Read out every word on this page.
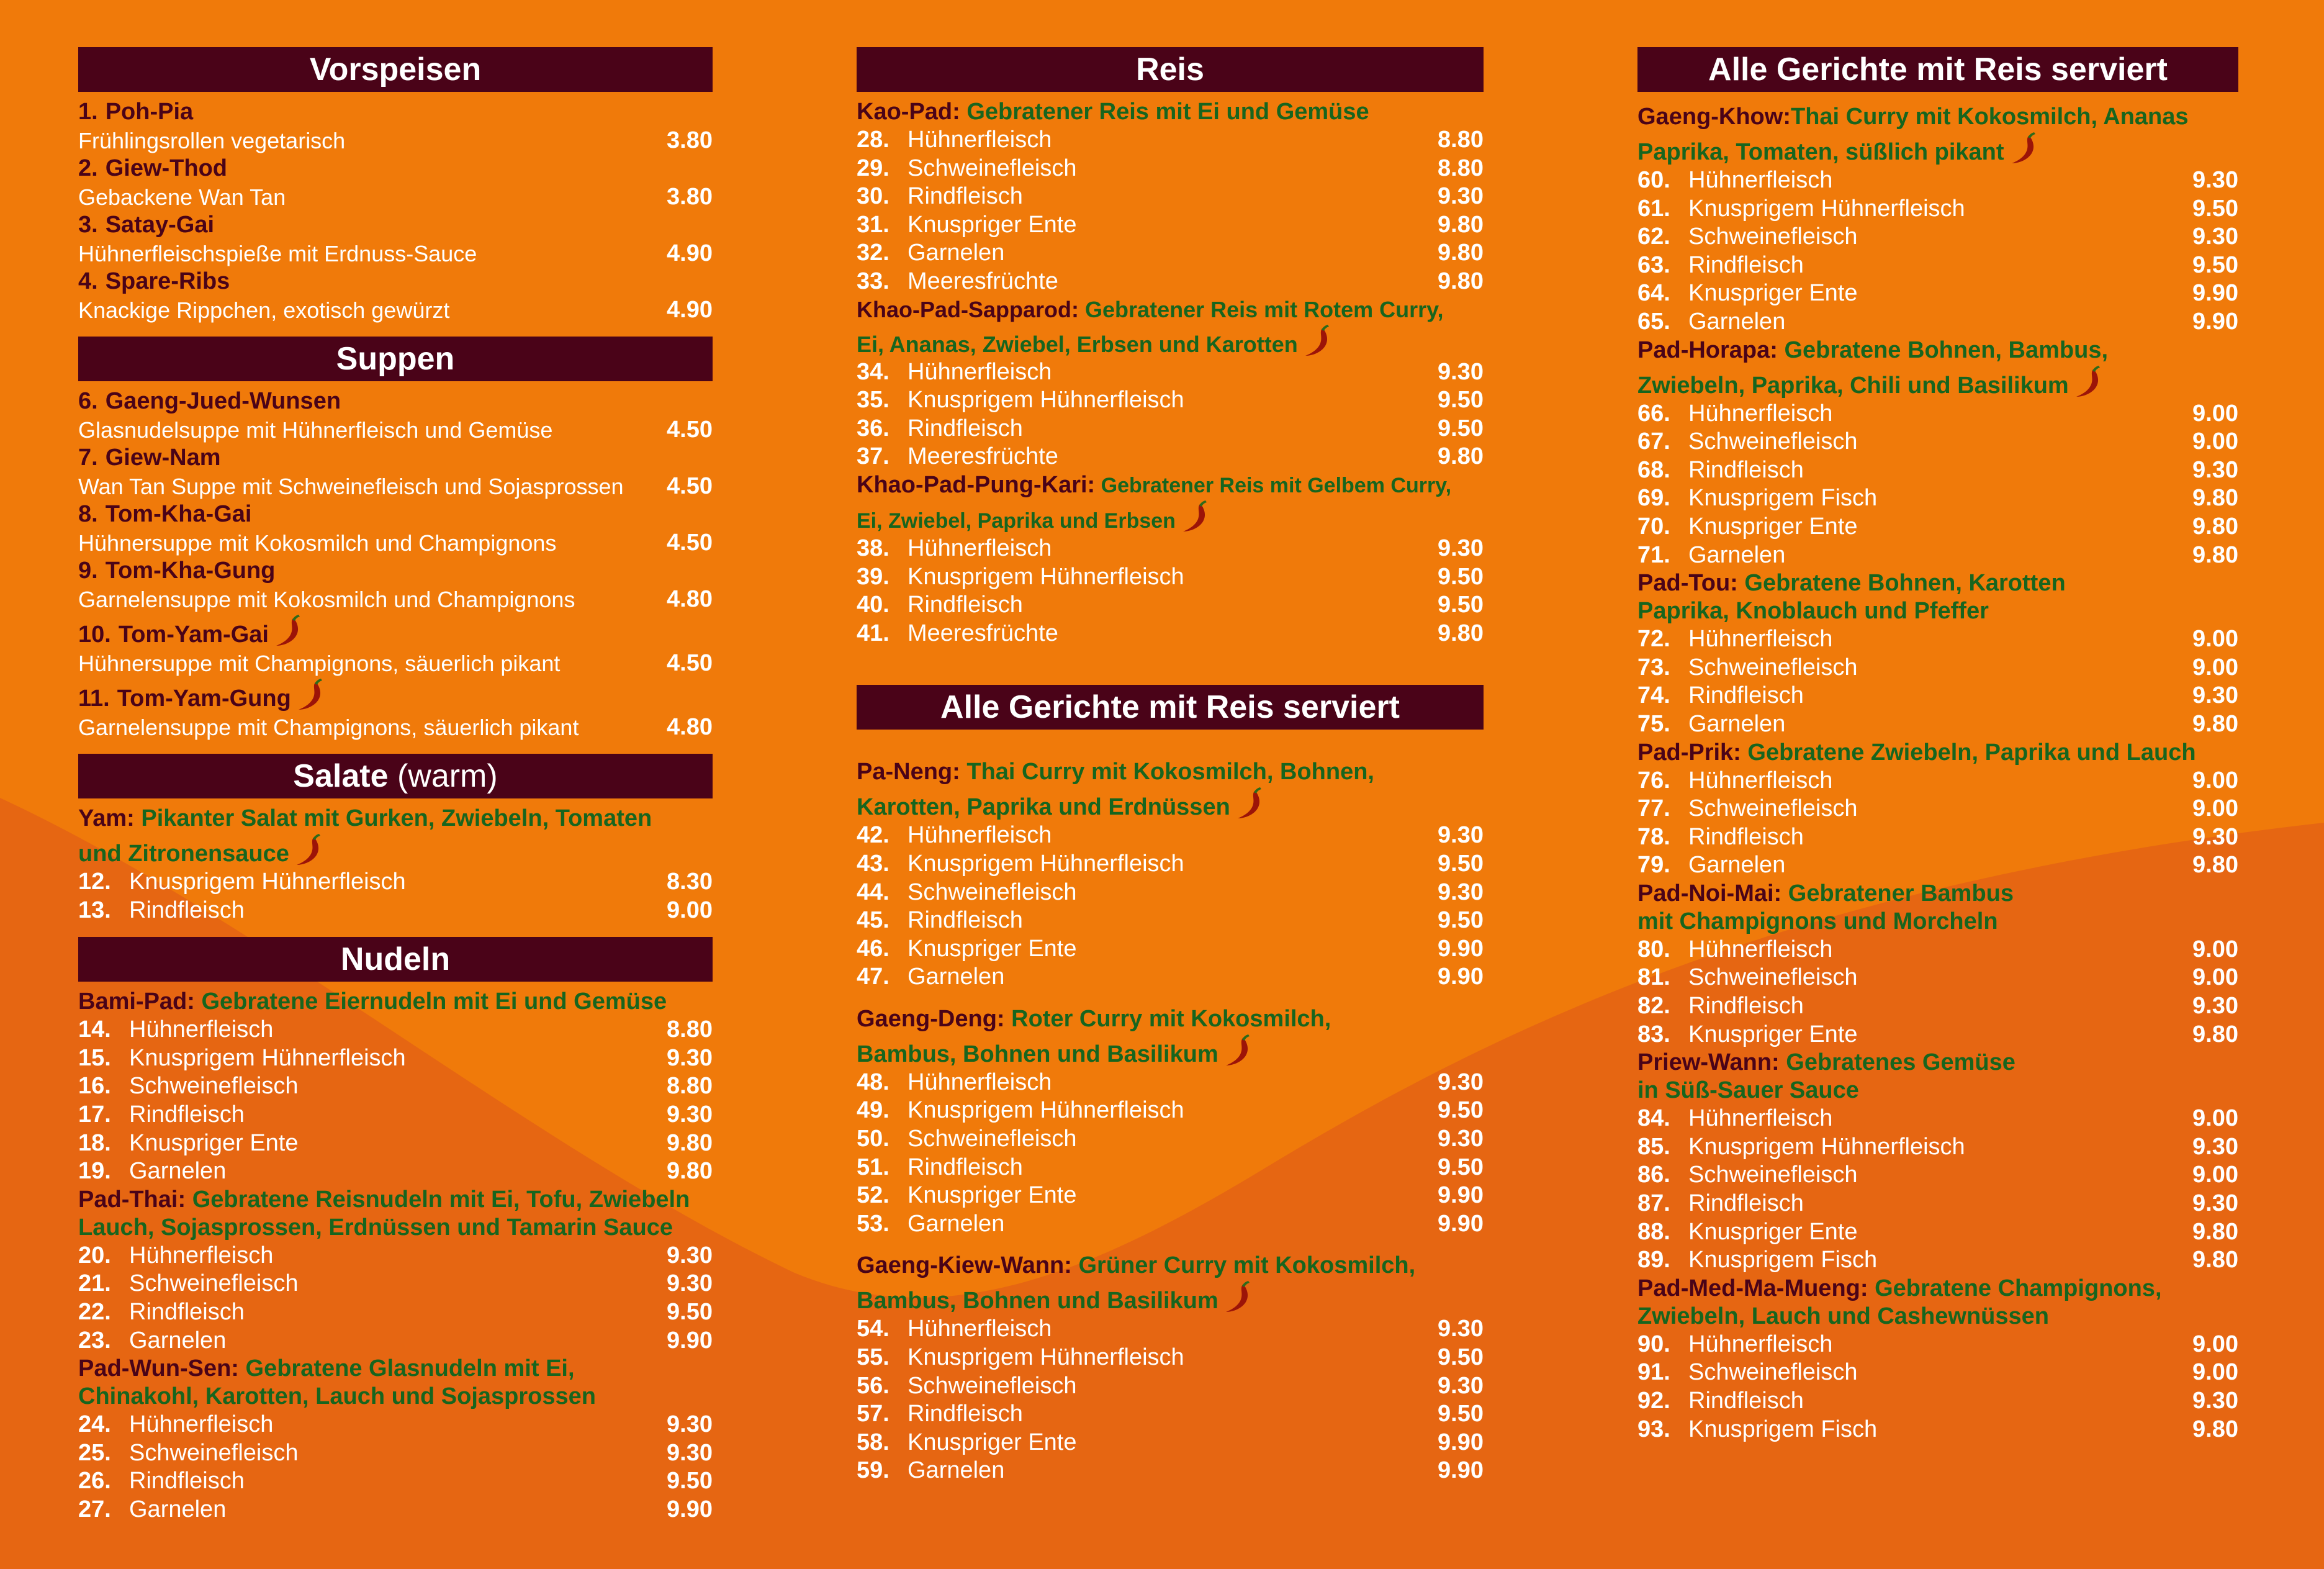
Vorspeisen
1. Poh-Pia
Frühlingsrollen vegetarisch	3.80
2. Giew-Thod
Gebackene Wan Tan	3.80
3. Satay-Gai
Hühnerfleischspieße mit Erdnuss-Sauce	4.90
4. Spare-Ribs
Knackige Rippchen, exotisch gewürzt	4.90
Suppen
6. Gaeng-Jued-Wunsen
Glasnudelsuppe mit Hühnerfleisch und Gemüse	4.50
7. Giew-Nam
Wan Tan Suppe mit Schweinefleisch und Sojasprossen	4.50
8. Tom-Kha-Gai
Hühnersuppe mit Kokosmilch und Champignons	4.50
9. Tom-Kha-Gung
Garnelensuppe mit Kokosmilch und Champignons	4.80
10. Tom-Yam-Gai
Hühnersuppe mit Champignons, säuerlich pikant	4.50
11. Tom-Yam-Gung
Garnelensuppe mit Champignons, säuerlich pikant	4.80
Salate (warm)
Yam: Pikanter Salat mit Gurken, Zwiebeln, Tomaten
und Zitronensauce
12. Knusprigem Hühnerfleisch	8.30
13. Rindfleisch	9.00
Nudeln
Bami-Pad: Gebratene Eiernudeln mit Ei und Gemüse
14. Hühnerfleisch	8.80
15. Knusprigem Hühnerfleisch	9.30
16. Schweinefleisch	8.80
17. Rindfleisch	9.30
18. Knuspriger Ente	9.80
19. Garnelen	9.80
Pad-Thai: Gebratene Reisnudeln mit Ei, Tofu, Zwiebeln
Lauch, Sojasprossen, Erdnüssen und Tamarin Sauce
20. Hühnerfleisch	9.30
21. Schweinefleisch	9.30
22. Rindfleisch	9.50
23. Garnelen	9.90
Pad-Wun-Sen: Gebratene Glasnudeln mit Ei,
Chinakohl, Karotten, Lauch und Sojasprossen
24. Hühnerfleisch	9.30
25. Schweinefleisch	9.30
26. Rindfleisch	9.50
27. Garnelen	9.90
Reis
Kao-Pad: Gebratener Reis mit Ei und Gemüse
28. Hühnerfleisch	8.80
29. Schweinefleisch	8.80
30. Rindfleisch	9.30
31. Knuspriger Ente	9.80
32. Garnelen	9.80
33. Meeresfrüchte	9.80
Khao-Pad-Sapparod: Gebratener Reis mit Rotem Curry,
Ei, Ananas, Zwiebel, Erbsen und Karotten
34. Hühnerfleisch	9.30
35. Knusprigem Hühnerfleisch	9.50
36. Rindfleisch	9.50
37. Meeresfrüchte	9.80
Khao-Pad-Pung-Kari: Gebratener Reis mit Gelbem Curry,
Ei, Zwiebel, Paprika und Erbsen
38. Hühnerfleisch	9.30
39. Knusprigem Hühnerfleisch	9.50
40. Rindfleisch	9.50
41. Meeresfrüchte	9.80
Alle Gerichte mit Reis serviert
Pa-Neng: Thai Curry mit Kokosmilch, Bohnen,
Karotten, Paprika und Erdnüssen
42. Hühnerfleisch	9.30
43. Knusprigem Hühnerfleisch	9.50
44. Schweinefleisch	9.30
45. Rindfleisch	9.50
46. Knuspriger Ente	9.90
47. Garnelen	9.90
Gaeng-Deng: Roter Curry mit Kokosmilch,
Bambus, Bohnen und Basilikum
48. Hühnerfleisch	9.30
49. Knusprigem Hühnerfleisch	9.50
50. Schweinefleisch	9.30
51. Rindfleisch	9.50
52. Knuspriger Ente	9.90
53. Garnelen	9.90
Gaeng-Kiew-Wann: Grüner Curry mit Kokosmilch,
Bambus, Bohnen und Basilikum
54. Hühnerfleisch	9.30
55. Knusprigem Hühnerfleisch	9.50
56. Schweinefleisch	9.30
57. Rindfleisch	9.50
58. Knuspriger Ente	9.90
59. Garnelen	9.90
Alle Gerichte mit Reis serviert
Gaeng-Khow:Thai Curry mit Kokosmilch, Ananas
Paprika, Tomaten, süßlich pikant
60. Hühnerfleisch	9.30
61. Knusprigem Hühnerfleisch	9.50
62. Schweinefleisch	9.30
63. Rindfleisch	9.50
64. Knuspriger Ente	9.90
65. Garnelen	9.90
Pad-Horapa: Gebratene Bohnen, Bambus,
Zwiebeln, Paprika, Chili und Basilikum
66. Hühnerfleisch	9.00
67. Schweinefleisch	9.00
68. Rindfleisch	9.30
69. Knusprigem Fisch	9.80
70. Knuspriger Ente	9.80
71. Garnelen	9.80
Pad-Tou: Gebratene Bohnen, Karotten
Paprika, Knoblauch und Pfeffer
72. Hühnerfleisch	9.00
73. Schweinefleisch	9.00
74. Rindfleisch	9.30
75. Garnelen	9.80
Pad-Prik: Gebratene Zwiebeln, Paprika und Lauch
76. Hühnerfleisch	9.00
77. Schweinefleisch	9.00
78. Rindfleisch	9.30
79. Garnelen	9.80
Pad-Noi-Mai: Gebratener Bambus
mit Champignons und Morcheln
80. Hühnerfleisch	9.00
81. Schweinefleisch	9.00
82. Rindfleisch	9.30
83. Knuspriger Ente	9.80
Priew-Wann: Gebratenes Gemüse
in Süß-Sauer Sauce
84. Hühnerfleisch	9.00
85. Knusprigem Hühnerfleisch	9.30
86. Schweinefleisch	9.00
87. Rindfleisch	9.30
88. Knuspriger Ente	9.80
89. Knusprigem Fisch	9.80
Pad-Med-Ma-Mueng: Gebratene Champignons,
Zwiebeln, Lauch und Cashewnüssen
90. Hühnerfleisch	9.00
91. Schweinefleisch	9.00
92. Rindfleisch	9.30
93. Knusprigem Fisch	9.80
